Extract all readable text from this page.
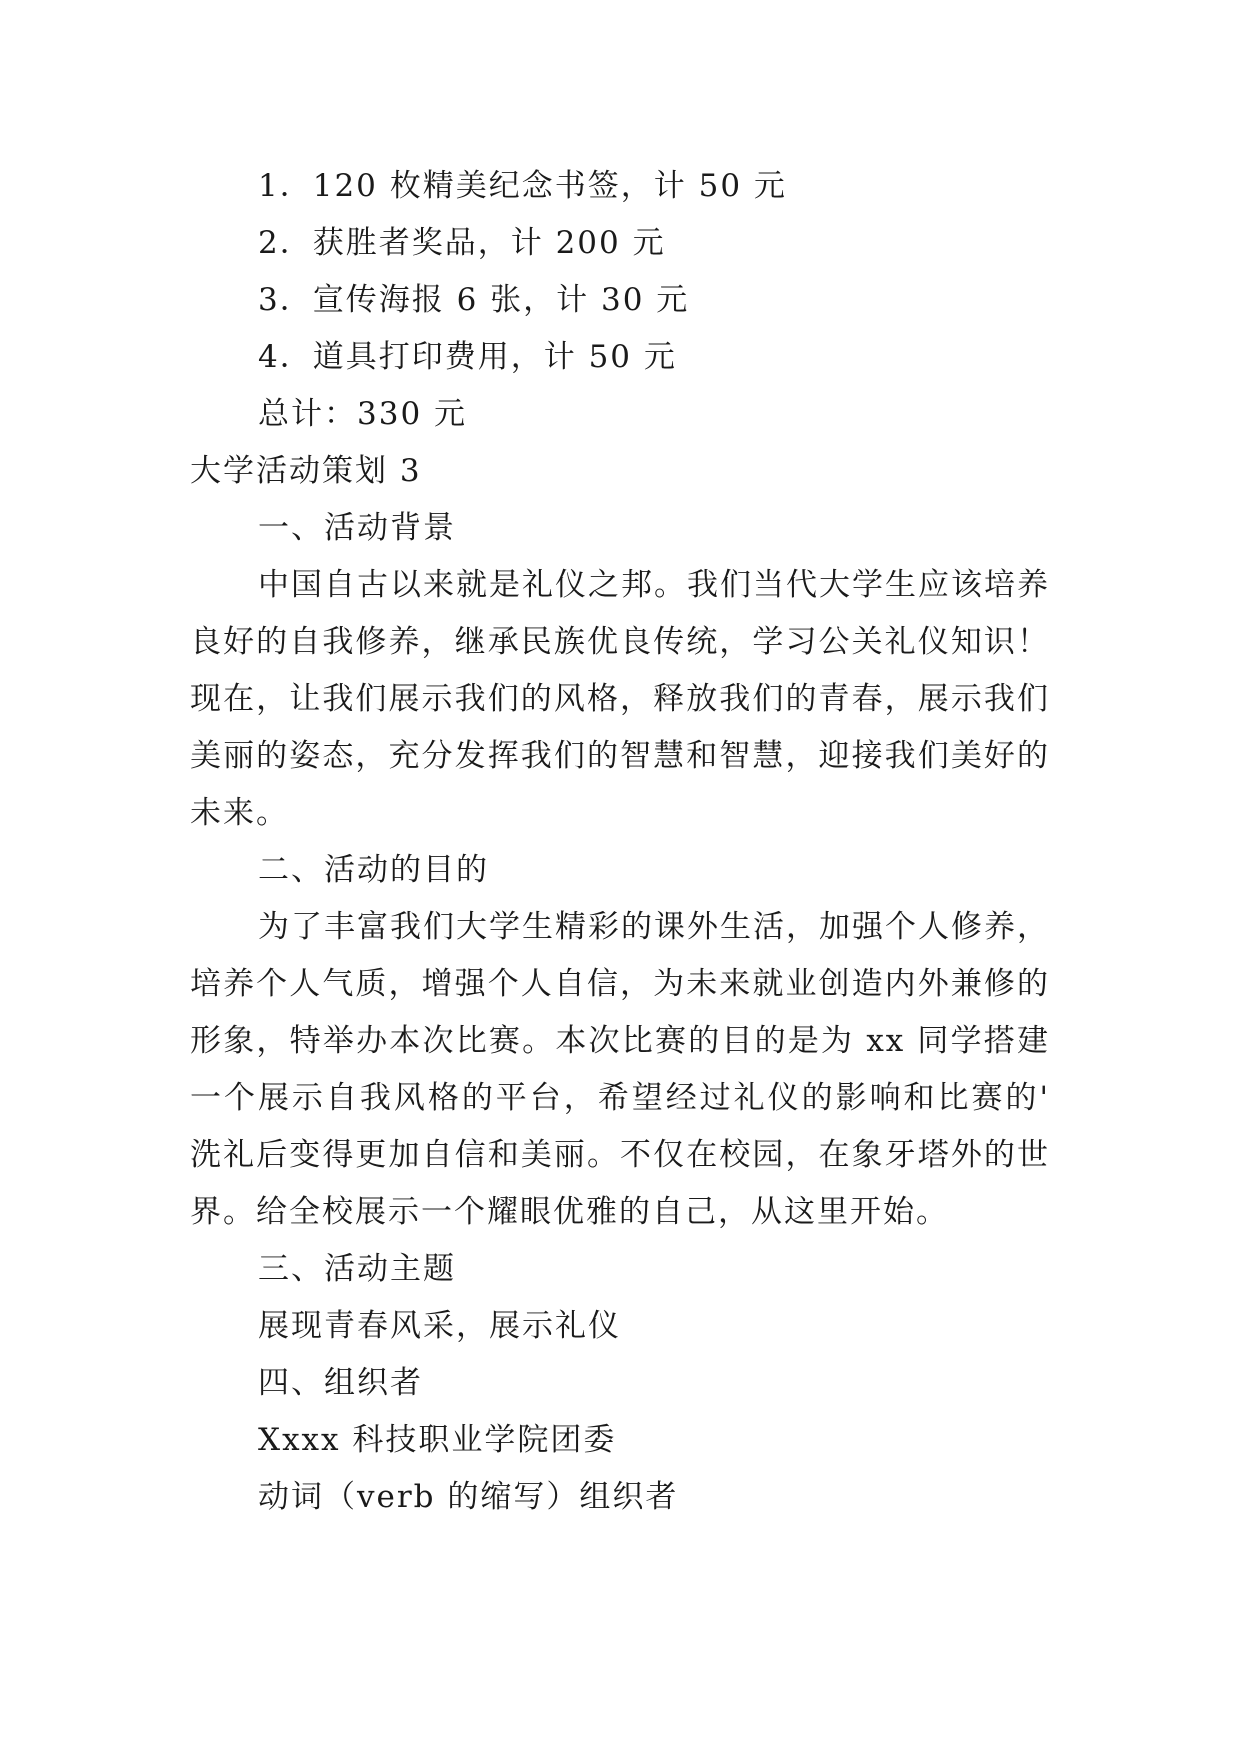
1．120 枚精美纪念书签，计 50 元

2．获胜者奖品，计 200 元

3．宣传海报 6 张，计 30 元

4．道具打印费用，计 50 元

总计：330 元

大学活动策划 3

一、活动背景

中国自古以来就是礼仪之邦。我们当代大学生应该培养

良好的自我修养，继承民族优良传统，学习公关礼仪知识！

现在，让我们展示我们的风格，释放我们的青春，展示我们

美丽的姿态，充分发挥我们的智慧和智慧，迎接我们美好的

未来。

二、活动的目的

为了丰富我们大学生精彩的课外生活，加强个人修养，

培养个人气质，增强个人自信，为未来就业创造内外兼修的

形象，特举办本次比赛。本次比赛的目的是为 xx 同学搭建

一个展示自我风格的平台，希望经过礼仪的影响和比赛的'

洗礼后变得更加自信和美丽。不仅在校园，在象牙塔外的世

界。给全校展示一个耀眼优雅的自己，从这里开始。

三、活动主题

展现青春风采，展示礼仪

四、组织者

Xxxx 科技职业学院团委

动词（verb 的缩写）组织者
